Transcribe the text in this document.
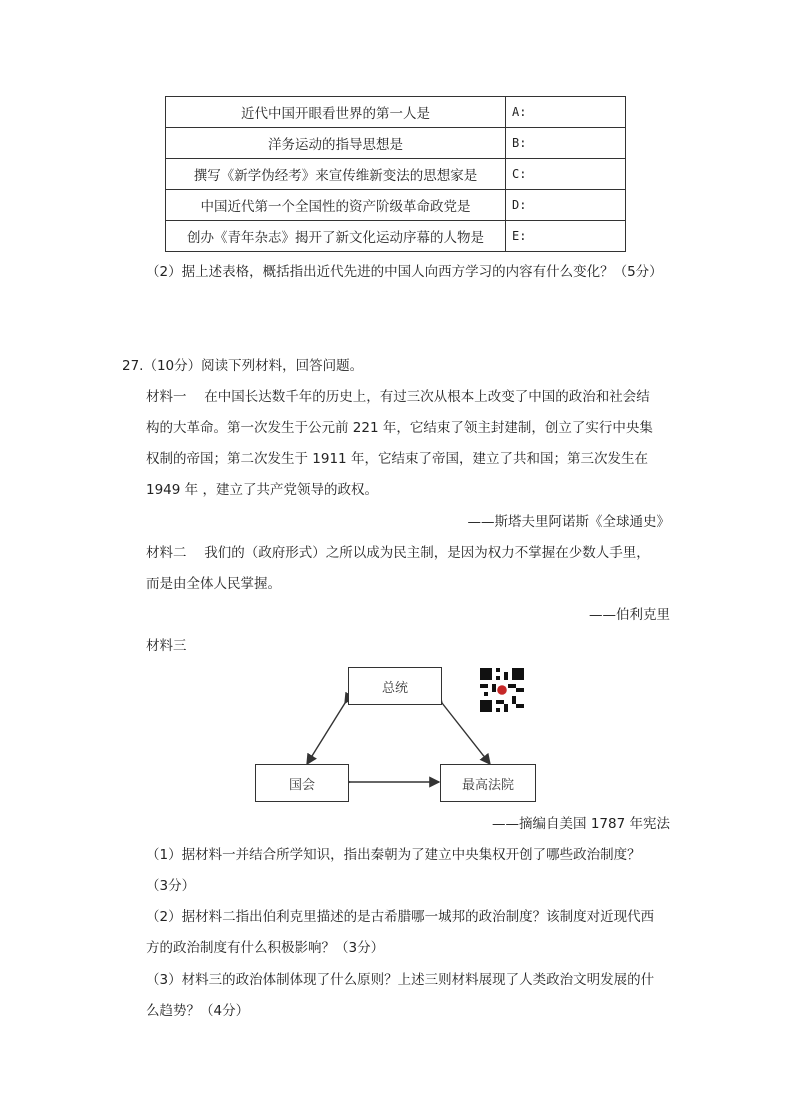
近代中国开眼看世界的第一人是	A:
洋务运动的指导思想是	B:
撰写《新学伪经考》来宣传维新变法的思想家是	C:
中国近代第一个全国性的资产阶级革命政党是	D:
创办《青年杂志》揭开了新文化运动序幕的人物是	E:
（2）据上述表格，概括指出近代先进的中国人向西方学习的内容有什么变化？（5分）
27.（10分）阅读下列材料，回答问题。
材料一　 在中国长达数千年的历史上，有过三次从根本上改变了中国的政治和社会结
构的大革命。第一次发生于公元前 221 年，它结束了领主封建制，创立了实行中央集
权制的帝国；第二次发生于 1911 年，它结束了帝国，建立了共和国；第三次发生在
1949 年 ，建立了共产党领导的政权。
——斯塔夫里阿诺斯《全球通史》
材料二　 我们的（政府形式）之所以成为民主制，是因为权力不掌握在少数人手里，
而是由全体人民掌握。
——伯利克里
材料三
总统
国会	最高法院
——摘编自美国 1787 年宪法
（1）据材料一并结合所学知识，指出秦朝为了建立中央集权开创了哪些政治制度？
（3分）
（2）据材料二指出伯利克里描述的是古希腊哪一城邦的政治制度？该制度对近现代西
方的政治制度有什么积极影响？（3分）
（3）材料三的政治体制体现了什么原则？上述三则材料展现了人类政治文明发展的什
么趋势？（4分）
